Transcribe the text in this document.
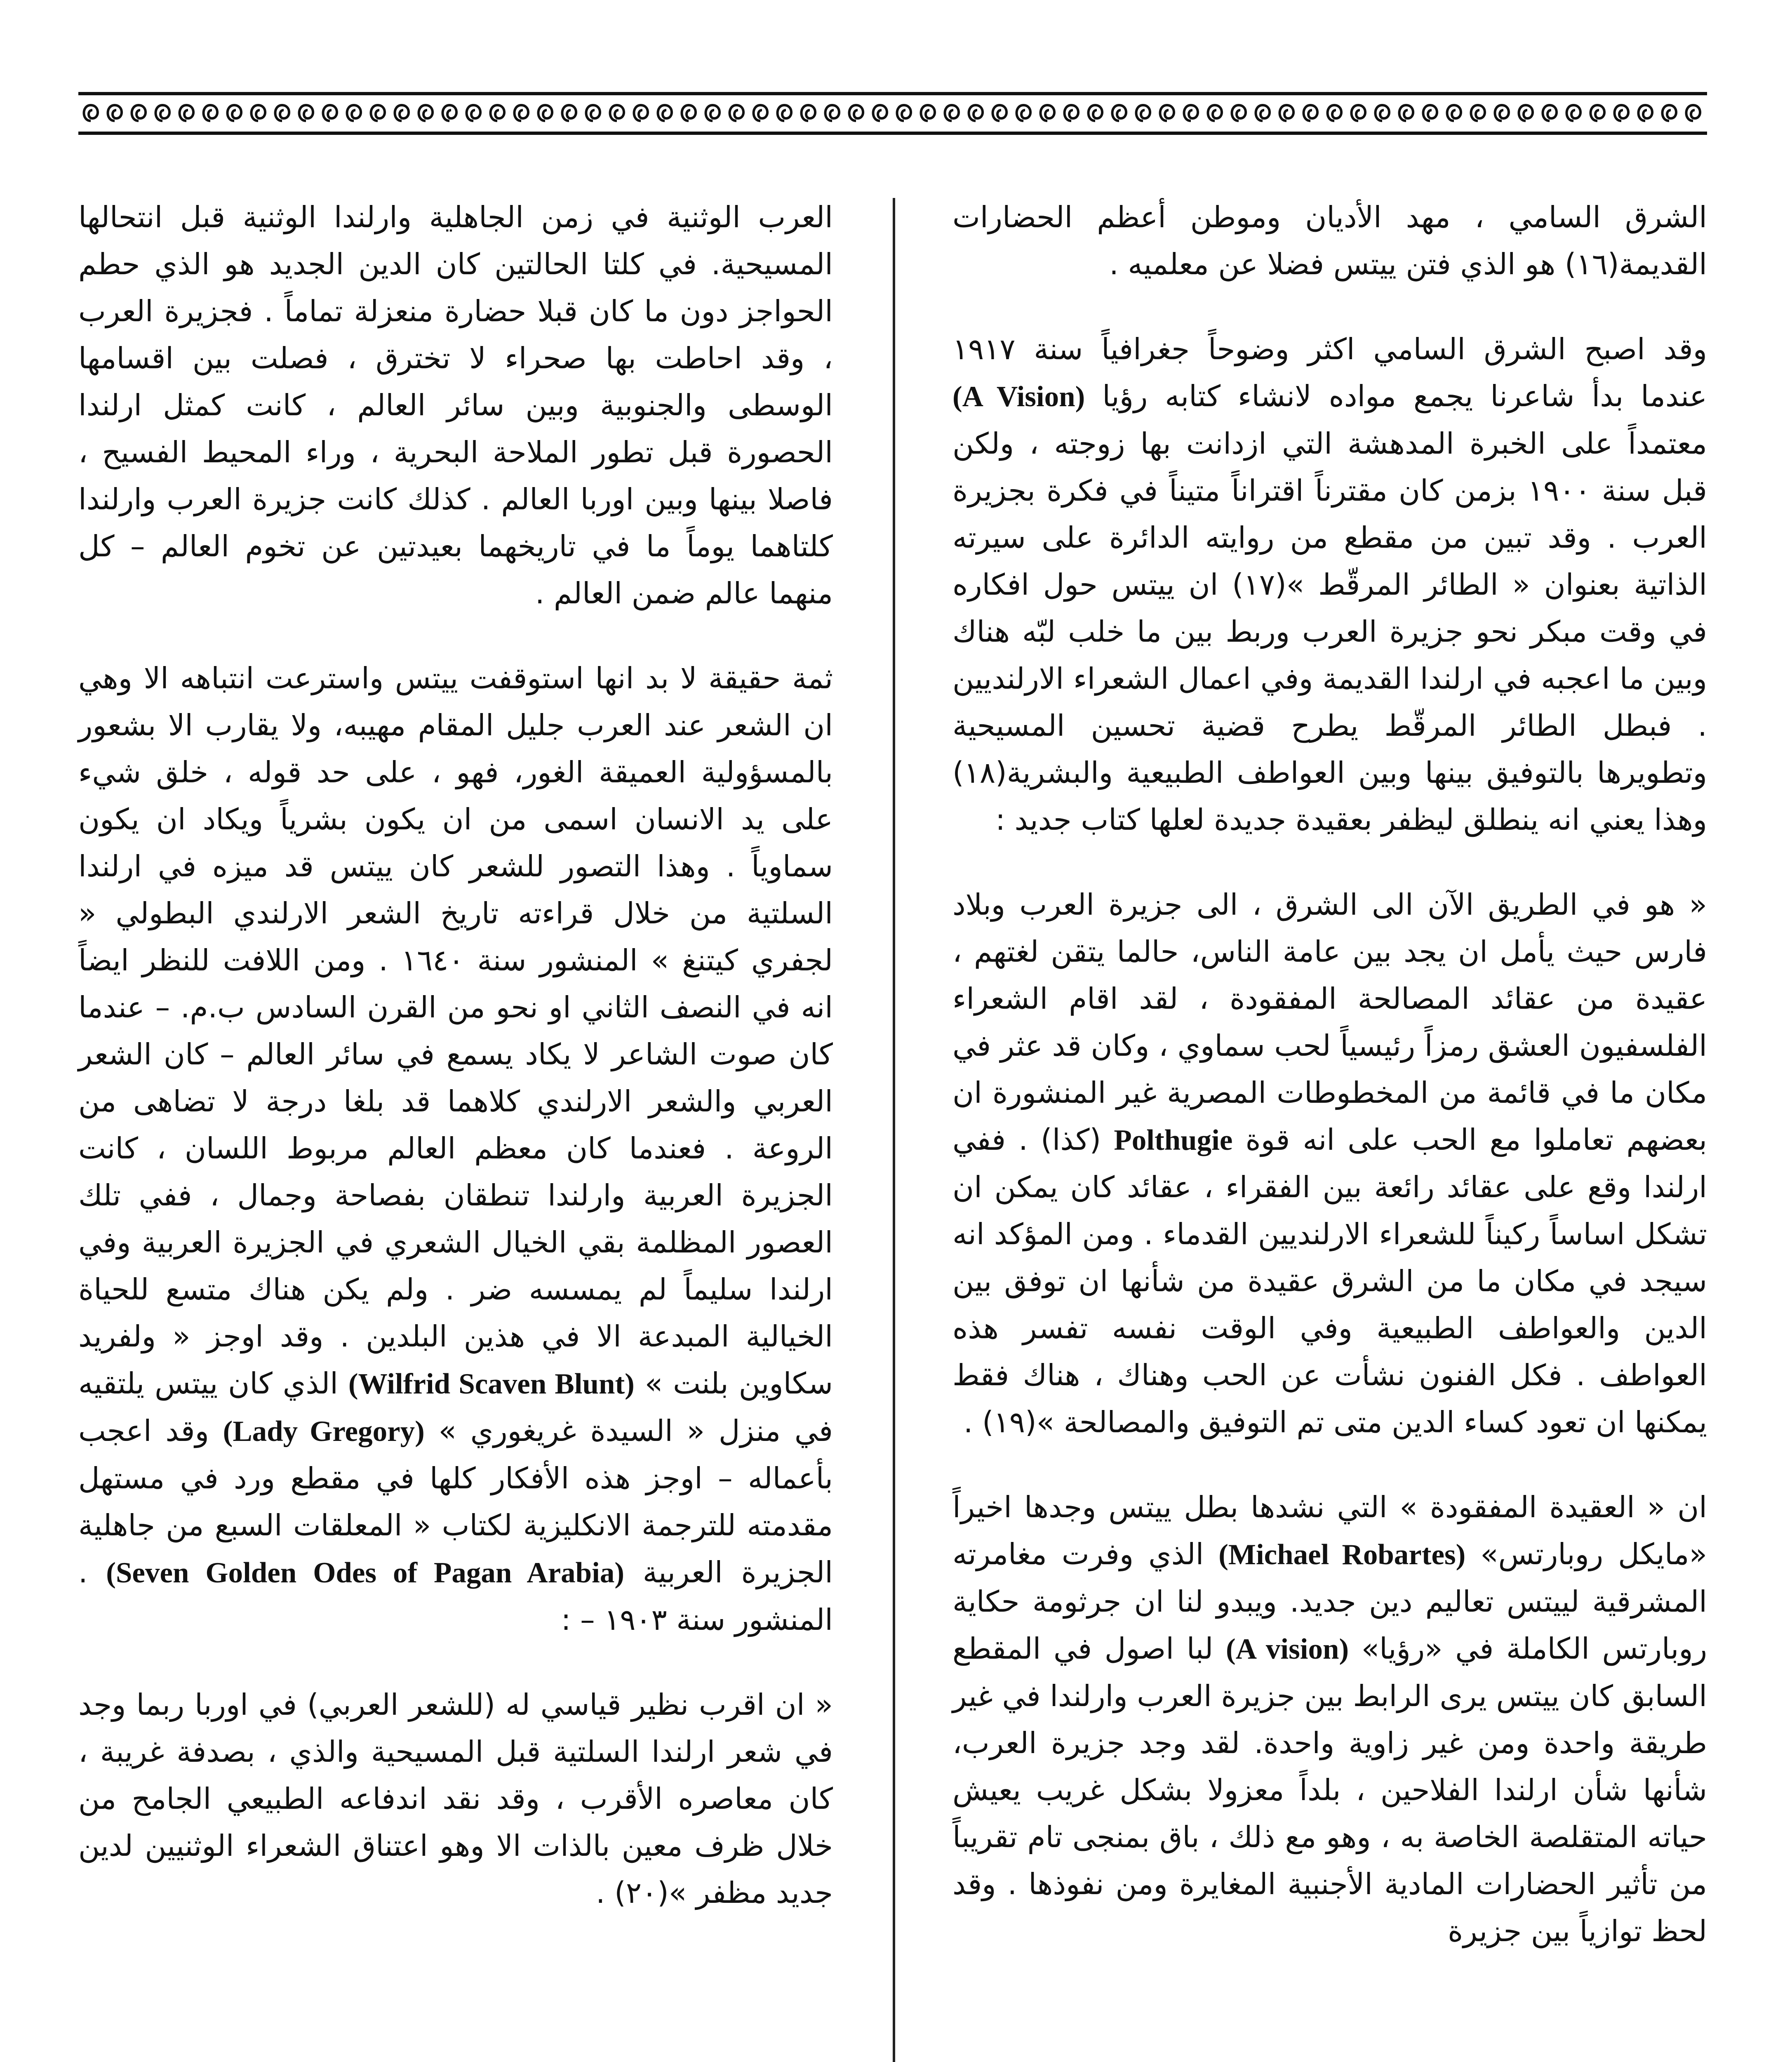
الشرق السامي ، مهد الأديان وموطن أعظم الحضارات القديمة(١٦) هو الذي فتن ييتس فضلا عن معلميه .

وقد اصبح الشرق السامي اكثر وضوحاً جغرافياً سنة ١٩١٧ عندما بدأ شاعرنا يجمع مواده لانشاء كتابه رؤيا (A Vision) معتمداً على الخبرة المدهشة التي ازدانت بها زوجته ، ولكن قبل سنة ١٩٠٠ بزمن كان مقترناً اقتراناً متيناً في فكرة بجزيرة العرب . وقد تبين من مقطع من روايته الدائرة على سيرته الذاتية بعنوان « الطائر المرقّط »(١٧) ان ييتس حول افكاره في وقت مبكر نحو جزيرة العرب وربط بين ما خلب لبّه هناك وبين ما اعجبه في ارلندا القديمة وفي اعمال الشعراء الارلنديين . فبطل الطائر المرقّط يطرح قضية تحسين المسيحية وتطويرها بالتوفيق بينها وبين العواطف الطبيعية والبشرية(١٨) وهذا يعني انه ينطلق ليظفر بعقيدة جديدة لعلها كتاب جديد :

« هو في الطريق الآن الى الشرق ، الى جزيرة العرب وبلاد فارس حيث يأمل ان يجد بين عامة الناس، حالما يتقن لغتهم ، عقيدة من عقائد المصالحة المفقودة ، لقد اقام الشعراء الفلسفيون العشق رمزاً رئيسياً لحب سماوي ، وكان قد عثر في مكان ما في قائمة من المخطوطات المصرية غير المنشورة ان بعضهم تعاملوا مع الحب على انه قوة Polthugie (كذا) . ففي ارلندا وقع على عقائد رائعة بين الفقراء ، عقائد كان يمكن ان تشكل اساساً ركيناً للشعراء الارلنديين القدماء . ومن المؤكد انه سيجد في مكان ما من الشرق عقيدة من شأنها ان توفق بين الدين والعواطف الطبيعية وفي الوقت نفسه تفسر هذه العواطف . فكل الفنون نشأت عن الحب وهناك ، هناك فقط يمكنها ان تعود كساء الدين متى تم التوفيق والمصالحة »(١٩) .

ان « العقيدة المفقودة » التي نشدها بطل ييتس وجدها اخيراً «مايكل روبارتس» (Michael Robartes) الذي وفرت مغامرته المشرقية لييتس تعاليم دين جديد. ويبدو لنا ان جرثومة حكاية روبارتس الكاملة في «رؤيا» (A vision) لبا اصول في المقطع السابق كان ييتس يرى الرابط بين جزيرة العرب وارلندا في غير طريقة واحدة ومن غير زاوية واحدة. لقد وجد جزيرة العرب، شأنها شأن ارلندا الفلاحين ، بلداً معزولا بشكل غريب يعيش حياته المتقلصة الخاصة به ، وهو مع ذلك ، باق بمنجى تام تقريباً من تأثير الحضارات المادية الأجنبية المغايرة ومن نفوذها . وقد لحظ توازياً بين جزيرة

العرب الوثنية في زمن الجاهلية وارلندا الوثنية قبل انتحالها المسيحية. في كلتا الحالتين كان الدين الجديد هو الذي حطم الحواجز دون ما كان قبلا حضارة منعزلة تماماً . فجزيرة العرب ، وقد احاطت بها صحراء لا تخترق ، فصلت بين اقسامها الوسطى والجنوبية وبين سائر العالم ، كانت كمثل ارلندا الحصورة قبل تطور الملاحة البحرية ، وراء المحيط الفسيح ، فاصلا بينها وبين اوربا العالم . كذلك كانت جزيرة العرب وارلندا كلتاهما يوماً ما في تاريخهما بعيدتين عن تخوم العالم – كل منهما عالم ضمن العالم .

ثمة حقيقة لا بد انها استوقفت ييتس واسترعت انتباهه الا وهي ان الشعر عند العرب جليل المقام مهيبه، ولا يقارب الا بشعور بالمسؤولية العميقة الغور، فهو ، على حد قوله ، خلق شيء على يد الانسان اسمى من ان يكون بشرياً ويكاد ان يكون سماوياً . وهذا التصور للشعر كان ييتس قد ميزه في ارلندا السلتية من خلال قراءته تاريخ الشعر الارلندي البطولي « لجفري كيتنغ » المنشور سنة ١٦٤٠ . ومن اللافت للنظر ايضاً انه في النصف الثاني او نحو من القرن السادس ب.م. – عندما كان صوت الشاعر لا يكاد يسمع في سائر العالم – كان الشعر العربي والشعر الارلندي كلاهما قد بلغا درجة لا تضاهى من الروعة . فعندما كان معظم العالم مربوط اللسان ، كانت الجزيرة العربية وارلندا تنطقان بفصاحة وجمال ، ففي تلك العصور المظلمة بقي الخيال الشعري في الجزيرة العربية وفي ارلندا سليماً لم يمسسه ضر . ولم يكن هناك متسع للحياة الخيالية المبدعة الا في هذين البلدين . وقد اوجز « ولفريد سكاوين بلنت » (Wilfrid Scaven Blunt) الذي كان ييتس يلتقيه في منزل « السيدة غريغوري » (Lady Gregory) وقد اعجب بأعماله – اوجز هذه الأفكار كلها في مقطع ورد في مستهل مقدمته للترجمة الانكليزية لكتاب « المعلقات السبع من جاهلية الجزيرة العربية (Seven Golden Odes of Pagan Arabia) . المنشور سنة ١٩٠٣ – :

« ان اقرب نظير قياسي له (للشعر العربي) في اوربا ربما وجد في شعر ارلندا السلتية قبل المسيحية والذي ، بصدفة غريبة ، كان معاصره الأقرب ، وقد نقد اندفاعه الطبيعي الجامح من خلال ظرف معين بالذات الا وهو اعتناق الشعراء الوثنيين لدين جديد مظفر »(٢٠) .
